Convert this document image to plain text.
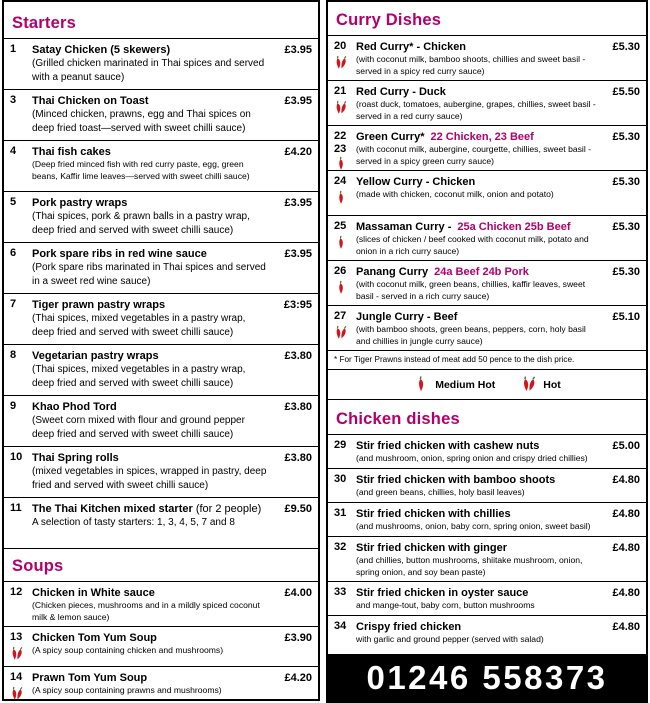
Starters
1	Satay Chicken (5 skewers)
(Grilled chicken marinated in Thai spices and served with a peanut sauce)
£3.95
3	Thai Chicken on Toast
(Minced chicken, prawns, egg and Thai spices on deep fried toast—served with sweet chilli sauce)
£3.95
4	Thai fish cakes
(Deep fried minced fish with red curry paste, egg, green beans, Kaffir lime leaves—served with sweet chilli sauce)
£4.20
5	Pork pastry wraps
(Thai spices, pork & prawn balls in a pastry wrap, deep fried and served with sweet chilli sauce)
£3.95
6	Pork spare ribs in red wine sauce
(Pork spare ribs marinated in Thai spices and served in a sweet red wine sauce)
£3.95
7	Tiger prawn pastry wraps
(Thai spices, mixed vegetables in a pastry wrap, deep fried and served with sweet chilli sauce)
£3:95
8	Vegetarian pastry wraps
(Thai spices, mixed vegetables in a pastry wrap, deep fried and served with sweet chilli sauce)
£3.80
9	Khao Phod Tord
(Sweet corn mixed with flour and ground pepper deep fried and served with sweet chilli sauce)
£3.80
10 Thai Spring rolls
(mixed vegetables in spices, wrapped in pastry, deep fried and served with sweet chilli sauce)
£3.80
11 The Thai Kitchen mixed starter (for 2 people)
A selection of tasty starters: 1, 3, 4, 5, 7 and 8
£9.50
Soups
12 Chicken in White sauce
(Chicken pieces, mushrooms and in a mildly spiced coconut milk & lemon sauce)
£4.00
13 Chicken Tom Yum Soup
(A spicy soup containing chicken and mushrooms)
£3.90
14 Prawn Tom Yum Soup
(A spicy soup containing prawns and mushrooms)
£4.20
Curry Dishes
20 Red Curry* - Chicken
(with coconut milk, bamboo shoots, chillies and sweet basil - served in a spicy red curry sauce)
£5.30
21 Red Curry - Duck
(roast duck, tomatoes, aubergine, grapes, chillies, sweet basil - served in a red curry sauce)
£5.50
22
23
Green Curry* 22 Chicken, 23 Beef
(with coconut milk, aubergine, courgette, chillies, sweet basil - served in a spicy green curry sauce)
£5.30
24 Yellow Curry - Chicken
(made with chicken, coconut milk, onion and potato)
£5.30
25 Massaman Curry - 25a Chicken 25b Beef
(slices of chicken / beef cooked with coconut milk, potato and onion in a rich curry sauce)
£5.30
26 Panang Curry 24a Beef 24b Pork
(with coconut milk, green beans, chillies, kaffir leaves, sweet basil - served in a rich curry sauce)
£5.30
27 Jungle Curry - Beef
(with bamboo shoots, green beans, peppers, corn, holy basil and chillies in jungle curry sauce)
£5.10
* For Tiger Prawns instead of meat add 50 pence to the dish price.
Medium Hot	Hot
Chicken dishes
29 Stir fried chicken with cashew nuts
(and mushroom, onion, spring onion and crispy dried chillies)
£5.00
30 Stir fried chicken with bamboo shoots
(and green beans, chillies, holy basil leaves)
£4.80
31 Stir fried chicken with chillies
(and mushrooms, onion, baby corn, spring onion, sweet basil)
£4.80
32 Stir fried chicken with ginger
(and chillies, button mushrooms, shiitake mushroom, onion, spring onion, and soy bean paste)
£4.80
33 Stir fried chicken in oyster sauce
and mange-tout, baby corn, button mushrooms
£4.80
34 Crispy fried chicken
with garlic and ground pepper (served with salad)
£4.80
01246 558373
